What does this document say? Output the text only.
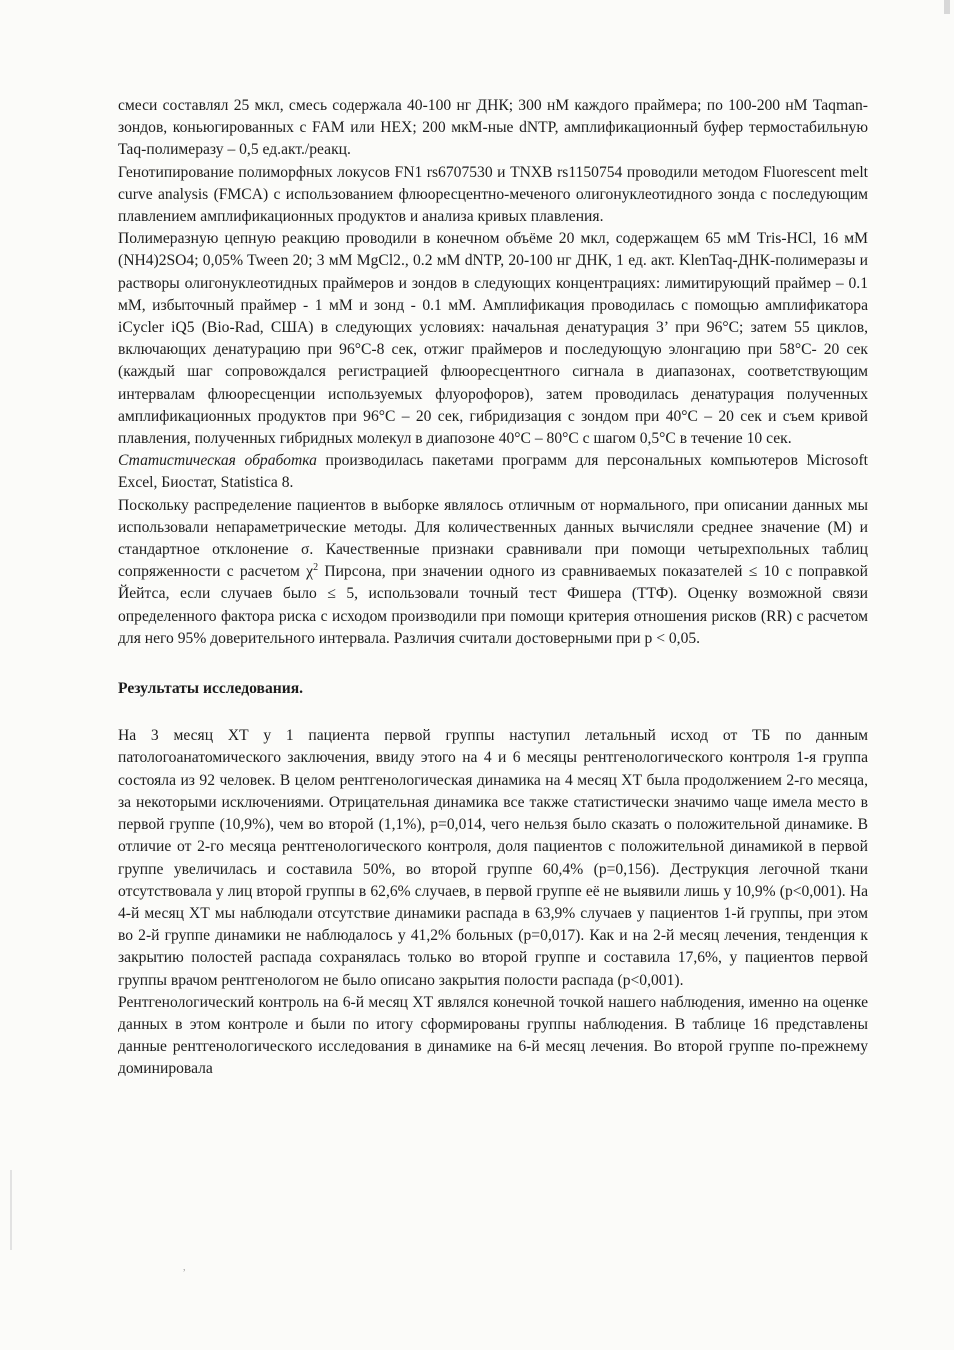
смеси составлял 25 мкл, смесь содержала 40-100 нг ДНК; 300 нМ каждого праймера; по 100-200 нМ Taqman-зондов, коньюгированных с FAM или HEX; 200 мкМ-ные dNTP, амплификационный буфер термостабильную Taq-полимеразу – 0,5 ед.акт./реакц.

Генотипирование полиморфных локусов FN1 rs6707530 и TNXB rs1150754 проводили методом Fluorescent melt curve analysis (FMCA) с использованием флюоресцентно-меченого олигонуклеотидного зонда с последующим плавлением амплификационных продуктов и анализа кривых плавления.

Полимеразную цепную реакцию проводили в конечном объёме 20 мкл, содержащем 65 мМ Tris-HCl, 16 мМ (NH4)2SO4; 0,05% Tween 20; 3 мМ MgCl2., 0.2 мМ dNTP, 20-100 нг ДНК, 1 ед. акт. KlenTaq-ДНК-полимеразы и растворы олигонуклеотидных праймеров и зондов в следующих концентрациях: лимитирующий праймер – 0.1 мМ, избыточный праймер - 1 мМ и зонд - 0.1 мМ. Амплификация проводилась с помощью амплификатора iCycler iQ5 (Bio-Rad, США) в следующих условиях: начальная денатурация 3’ при 96°С; затем 55 циклов, включающих денатурацию при 96°С-8 сек, отжиг праймеров и последующую элонгацию при 58°С- 20 сек (каждый шаг сопровождался регистрацией флюоресцентного сигнала в диапазонах, соответствующим интервалам флюоресценции используемых флуорофоров), затем проводилась денатурация полученных амплификационных продуктов при 96°С – 20 сек, гибридизация с зондом при 40°С – 20 сек и съем кривой плавления, полученных гибридных молекул в диапозоне 40°С – 80°С с шагом 0,5°С в течение 10 сек.

Статистическая обработка производилась пакетами программ для персональных компьютеров Microsoft Excel, Биостат, Statistica 8.

Поскольку распределение пациентов в выборке являлось отличным от нормального, при описании данных мы использовали непараметрические методы. Для количественных данных вычисляли среднее значение (М) и стандартное отклонение σ. Качественные признаки сравнивали при помощи четырехпольных таблиц сопряженности с расчетом $\chi^2$ Пирсона, при значении одного из сравниваемых показателей ≤ 10 с поправкой Йейтса, если случаев было ≤ 5, использовали точный тест Фишера (ТТФ). Оценку возможной связи определенного фактора риска с исходом производили при помощи критерия отношения рисков (RR) с расчетом для него 95% доверительного интервала. Различия считали достоверными при р < 0,05.

Результаты исследования.

На 3 месяц ХТ у 1 пациента первой группы наступил летальный исход от ТБ по данным патологоанатомического заключения, ввиду этого на 4 и 6 месяцы рентгенологического контроля 1-я группа состояла из 92 человек. В целом рентгенологическая динамика на 4 месяц ХТ была продолжением 2-го месяца, за некоторыми исключениями. Отрицательная динамика все также статистически значимо чаще имела место в первой группе (10,9%), чем во второй (1,1%), р=0,014, чего нельзя было сказать о положительной динамике. В отличие от 2-го месяца рентгенологического контроля, доля пациентов с положительной динамикой в первой группе увеличилась и составила 50%, во второй группе 60,4% (р=0,156). Деструкция легочной ткани отсутствовала у лиц второй группы в 62,6% случаев, в первой группе её не выявили лишь у 10,9% (р<0,001). На 4-й месяц ХТ мы наблюдали отсутствие динамики распада в 63,9% случаев у пациентов 1-й группы, при этом во 2-й группе динамики не наблюдалось у 41,2% больных (р=0,017). Как и на 2-й месяц лечения, тенденция к закрытию полостей распада сохранялась только во второй группе и составила 17,6%, у пациентов первой группы врачом рентгенологом не было описано закрытия полости распада (р<0,001).

Рентгенологический контроль на 6-й месяц ХТ являлся конечной точкой нашего наблюдения, именно на оценке данных в этом контроле и были по итогу сформированы группы наблюдения. В таблице 16 представлены данные рентгенологического исследования в динамике на 6-й месяц лечения. Во второй группе по-прежнему доминировала

,
